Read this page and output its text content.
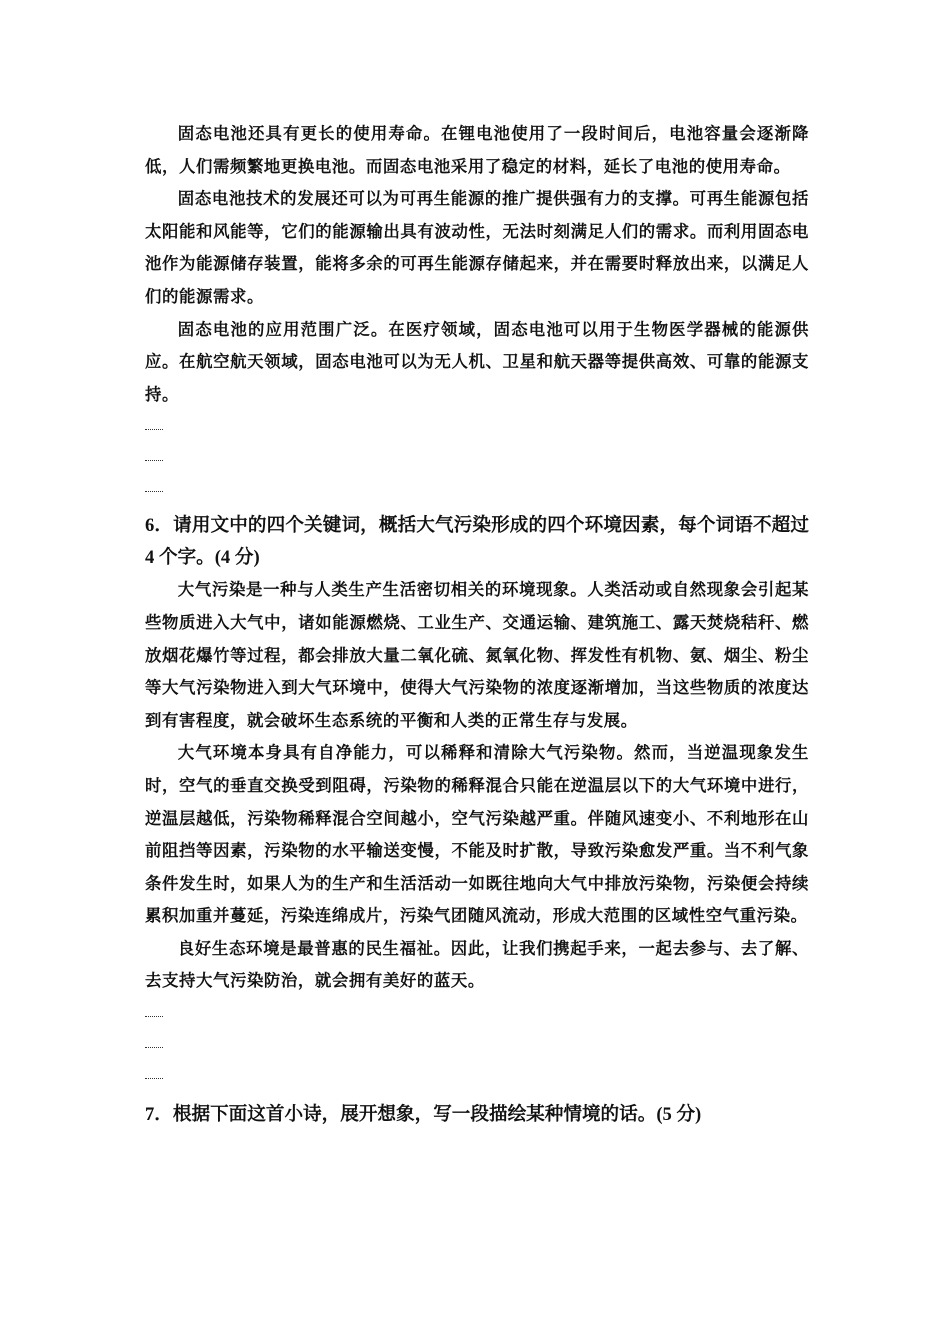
固态电池还具有更长的使用寿命。在锂电池使用了一段时间后，电池容量会逐渐降低，人们需频繁地更换电池。而固态电池采用了稳定的材料，延长了电池的使用寿命。

固态电池技术的发展还可以为可再生能源的推广提供强有力的支撑。可再生能源包括太阳能和风能等，它们的能源输出具有波动性，无法时刻满足人们的需求。而利用固态电池作为能源储存装置，能将多余的可再生能源存储起来，并在需要时释放出来，以满足人们的能源需求。

固态电池的应用范围广泛。在医疗领域，固态电池可以用于生物医学器械的能源供应。在航空航天领域，固态电池可以为无人机、卫星和航天器等提供高效、可靠的能源支持。

6．请用文中的四个关键词，概括大气污染形成的四个环境因素，每个词语不超过 4 个字。(4 分)

大气污染是一种与人类生产生活密切相关的环境现象。人类活动或自然现象会引起某些物质进入大气中，诸如能源燃烧、工业生产、交通运输、建筑施工、露天焚烧秸秆、燃放烟花爆竹等过程，都会排放大量二氧化硫、氮氧化物、挥发性有机物、氨、烟尘、粉尘等大气污染物进入到大气环境中，使得大气污染物的浓度逐渐增加，当这些物质的浓度达到有害程度，就会破坏生态系统的平衡和人类的正常生存与发展。

大气环境本身具有自净能力，可以稀释和清除大气污染物。然而，当逆温现象发生时，空气的垂直交换受到阻碍，污染物的稀释混合只能在逆温层以下的大气环境中进行，逆温层越低，污染物稀释混合空间越小，空气污染越严重。伴随风速变小、不利地形在山前阻挡等因素，污染物的水平输送变慢，不能及时扩散，导致污染愈发严重。当不利气象条件发生时，如果人为的生产和生活活动一如既往地向大气中排放污染物，污染便会持续累积加重并蔓延，污染连绵成片，污染气团随风流动，形成大范围的区域性空气重污染。

良好生态环境是最普惠的民生福祉。因此，让我们携起手来，一起去参与、去了解、去支持大气污染防治，就会拥有美好的蓝天。

7．根据下面这首小诗，展开想象，写一段描绘某种情境的话。(5 分)
